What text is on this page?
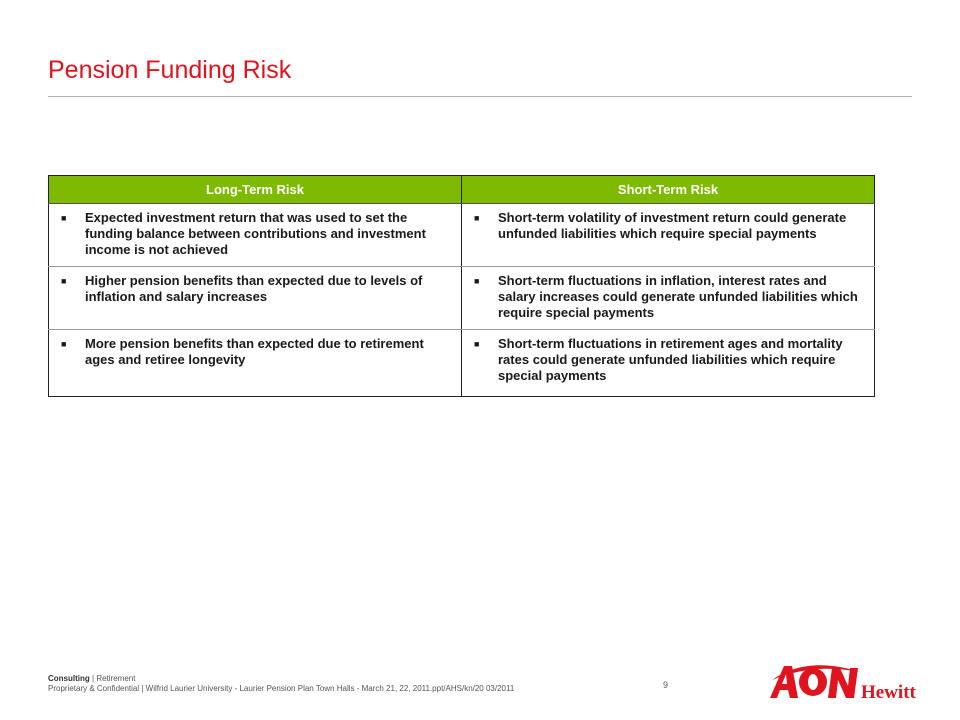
Pension Funding Risk
Long-Term Risk	Short-Term Risk

■ Expected investment return that was used to set the funding balance between contributions and investment income is not achieved	■ Short-term volatility of investment return could generate unfunded liabilities which require special payments

■ Higher pension benefits than expected due to levels of inflation and salary increases	■ Short-term fluctuations in inflation, interest rates and salary increases could generate unfunded liabilities which require special payments

■ More pension benefits than expected due to retirement ages and retiree longevity	■ Short-term fluctuations in retirement ages and mortality rates could generate unfunded liabilities which require special payments
Consulting | Retirement
Proprietary & Confidential | Wilfrid Laurier University - Laurier Pension Plan Town Halls - March 21, 22, 2011.ppt/AHS/kn/20 03/2011	9	Hewitt
